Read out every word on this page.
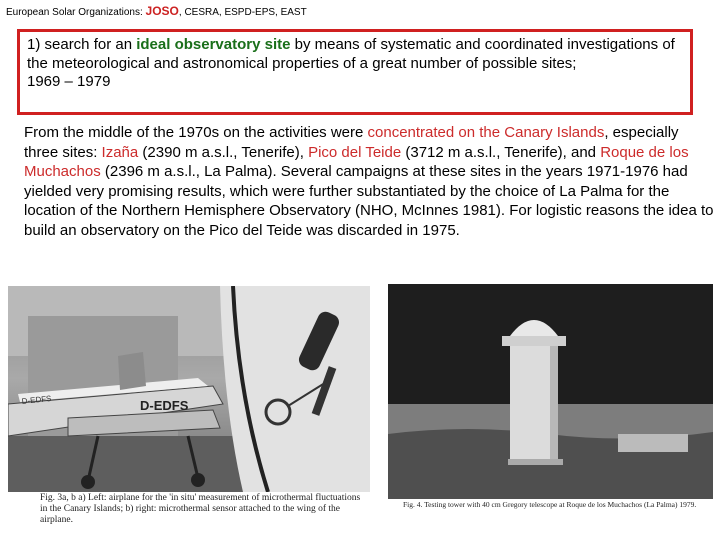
European Solar Organizations: JOSO, CESRA, ESPD-EPS, EAST
1) search for an ideal observatory site by means of systematic and coordinated investigations of the meteorological and astronomical properties of a great number of possible sites;
1969 – 1979
From the middle of the 1970s on the activities were concentrated on the Canary Islands, especially three sites: Izaña (2390 m a.s.l., Tenerife), Pico del Teide (3712 m a.s.l., Tenerife), and Roque de los Muchachos (2396 m a.s.l., La Palma). Several campaigns at these sites in the years 1971-1976 had yielded very promising results, which were further substantiated by the choice of La Palma for the location of the Northern Hemisphere Observatory (NHO, McInnes 1981). For logistic reasons the idea to build an observatory on the Pico del Teide was discarded in 1975.
D-EDFS
D-EDFS
Fig. 3a, b a) Left: airplane for the 'in situ' measurement of microthermal fluctuations in the Canary Islands; b) right: microthermal sensor attached to the wing of the airplane.
Fig. 4. Testing tower with 40 cm Gregory telescope at Roque de los Muchachos (La Palma) 1979.
